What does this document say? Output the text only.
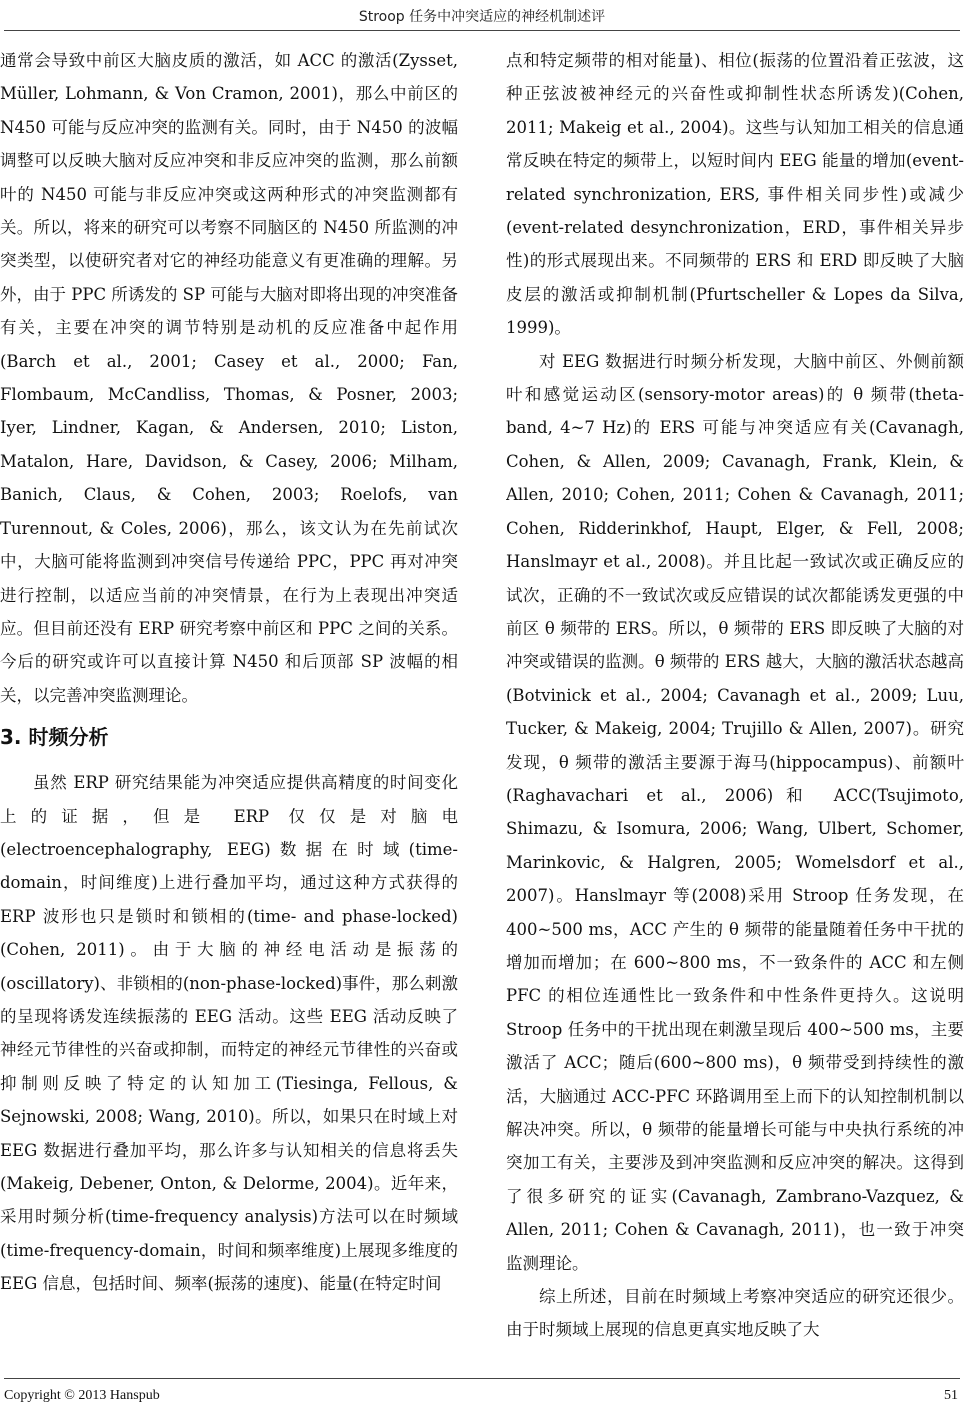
Stroop 任务中冲突适应的神经机制述评

通常会导致中前区大脑皮质的激活，如 ACC 的激活(Zysset, Müller, Lohmann, & Von Cramon, 2001)，那么中前区的 N450 可能与反应冲突的监测有关。同时，由于 N450 的波幅调整可以反映大脑对反应冲突和非反应冲突的监测，那么前额叶的 N450 可能与非反应冲突或这两种形式的冲突监测都有关。所以，将来的研究可以考察不同脑区的 N450 所监测的冲突类型，以使研究者对它的神经功能意义有更准确的理解。另外，由于 PPC 所诱发的 SP 可能与大脑对即将出现的冲突准备有关，主要在冲突的调节特别是动机的反应准备中起作用(Barch et al., 2001; Casey et al., 2000; Fan, Flombaum, McCandliss, Thomas, & Posner, 2003; Iyer, Lindner, Kagan, & Andersen, 2010; Liston, Matalon, Hare, Davidson, & Casey, 2006; Milham, Banich, Claus, & Cohen, 2003; Roelofs, van Turennout, & Coles, 2006)，那么，该文认为在先前试次中，大脑可能将监测到冲突信号传递给 PPC，PPC 再对冲突进行控制，以适应当前的冲突情景，在行为上表现出冲突适应。但目前还没有 ERP 研究考察中前区和 PPC 之间的关系。今后的研究或许可以直接计算 N450 和后顶部 SP 波幅的相关，以完善冲突监测理论。

3. 时频分析

虽然 ERP 研究结果能为冲突适应提供高精度的时间变化上的证据，但是 ERP 仅仅是对脑电(electroencephalography, EEG)数据在时域(time-domain，时间维度)上进行叠加平均，通过这种方式获得的 ERP 波形也只是锁时和锁相的(time- and phase-locked) (Cohen, 2011)。由于大脑的神经电活动是振荡的(oscillatory)、非锁相的(non-phase-locked)事件，那么刺激的呈现将诱发连续振荡的 EEG 活动。这些 EEG 活动反映了神经元节律性的兴奋或抑制，而特定的神经元节律性的兴奋或抑制则反映了特定的认知加工(Tiesinga, Fellous, & Sejnowski, 2008; Wang, 2010)。所以，如果只在时域上对 EEG 数据进行叠加平均，那么许多与认知相关的信息将丢失(Makeig, Debener, Onton, & Delorme, 2004)。近年来，采用时频分析(time-frequency analysis)方法可以在时频域(time-frequency-domain，时间和频率维度)上展现多维度的 EEG 信息，包括时间、频率(振荡的速度)、能量(在特定时间

点和特定频带的相对能量)、相位(振荡的位置沿着正弦波，这种正弦波被神经元的兴奋性或抑制性状态所诱发)(Cohen, 2011; Makeig et al., 2004)。这些与认知加工相关的信息通常反映在特定的频带上，以短时间内 EEG 能量的增加(event-related synchronization, ERS, 事件相关同步性)或减少(event-related desynchronization，ERD，事件相关异步性)的形式展现出来。不同频带的 ERS 和 ERD 即反映了大脑皮层的激活或抑制机制(Pfurtscheller & Lopes da Silva, 1999)。

对 EEG 数据进行时频分析发现，大脑中前区、外侧前额叶和感觉运动区(sensory-motor areas)的 θ 频带(theta-band, 4~7 Hz)的 ERS 可能与冲突适应有关(Cavanagh, Cohen, & Allen, 2009; Cavanagh, Frank, Klein, & Allen, 2010; Cohen, 2011; Cohen & Cavanagh, 2011; Cohen, Ridderinkhof, Haupt, Elger, & Fell, 2008; Hanslmayr et al., 2008)。并且比起一致试次或正确反应的试次，正确的不一致试次或反应错误的试次都能诱发更强的中前区 θ 频带的 ERS。所以，θ 频带的 ERS 即反映了大脑的对冲突或错误的监测。θ 频带的 ERS 越大，大脑的激活状态越高(Botvinick et al., 2004; Cavanagh et al., 2009; Luu, Tucker, & Makeig, 2004; Trujillo & Allen, 2007)。研究发现，θ 频带的激活主要源于海马(hippocampus)、前额叶(Raghavachari et al., 2006)和 ACC(Tsujimoto, Shimazu, & Isomura, 2006; Wang, Ulbert, Schomer, Marinkovic, & Halgren, 2005; Womelsdorf et al., 2007)。Hanslmayr 等(2008)采用 Stroop 任务发现，在 400~500 ms，ACC 产生的 θ 频带的能量随着任务中干扰的增加而增加；在 600~800 ms，不一致条件的 ACC 和左侧 PFC 的相位连通性比一致条件和中性条件更持久。这说明 Stroop 任务中的干扰出现在刺激呈现后 400~500 ms，主要激活了 ACC；随后(600~800 ms)，θ 频带受到持续性的激活，大脑通过 ACC-PFC 环路调用至上而下的认知控制机制以解决冲突。所以，θ 频带的能量增长可能与中央执行系统的冲突加工有关，主要涉及到冲突监测和反应冲突的解决。这得到了很多研究的证实(Cavanagh, Zambrano-Vazquez, & Allen, 2011; Cohen & Cavanagh, 2011)，也一致于冲突监测理论。

综上所述，目前在时频域上考察冲突适应的研究还很少。由于时频域上展现的信息更真实地反映了大

Copyright © 2013 Hanspub	51
